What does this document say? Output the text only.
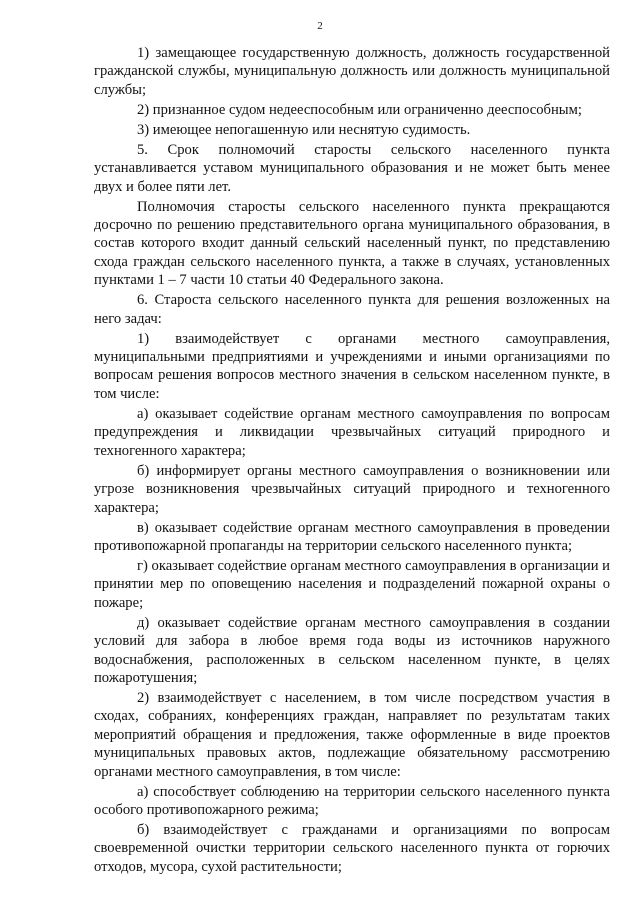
2

1) замещающее государственную должность, должность государственной гражданской службы, муниципальную должность или должность муниципальной службы;

2) признанное судом недееспособным или ограниченно дееспособным;

3) имеющее непогашенную или неснятую судимость.

5. Срок полномочий старосты сельского населенного пункта устанавливается уставом муниципального образования и не может быть менее двух и более пяти лет.

Полномочия старосты сельского населенного пункта прекращаются досрочно по решению представительного органа муниципального образования, в состав которого входит данный сельский населенный пункт, по представлению схода граждан сельского населенного пункта, а также в случаях, установленных пунктами 1 – 7 части 10 статьи 40 Федерального закона.

6. Староста сельского населенного пункта для решения возложенных на него задач:

1) взаимодействует с органами местного самоуправления, муниципальными предприятиями и учреждениями и иными организациями по вопросам решения вопросов местного значения в сельском населенном пункте, в том числе:

а) оказывает содействие органам местного самоуправления по вопросам предупреждения и ликвидации чрезвычайных ситуаций природного и техногенного характера;

б) информирует органы местного самоуправления о возникновении или угрозе возникновения чрезвычайных ситуаций природного и техногенного характера;

в) оказывает содействие органам местного самоуправления в проведении противопожарной пропаганды на территории сельского населенного пункта;

г) оказывает содействие органам местного самоуправления в организации и принятии мер по оповещению населения и подразделений пожарной охраны о пожаре;

д) оказывает содействие органам местного самоуправления в создании условий для забора в любое время года воды из источников наружного водоснабжения, расположенных в сельском населенном пункте, в целях пожаротушения;

2) взаимодействует с населением, в том числе посредством участия в сходах, собраниях, конференциях граждан, направляет по результатам таких мероприятий обращения и предложения, также оформленные в виде проектов муниципальных правовых актов, подлежащие обязательному рассмотрению органами местного самоуправления, в том числе:

а) способствует соблюдению на территории сельского населенного пункта особого противопожарного режима;

б) взаимодействует с гражданами и организациями по вопросам своевременной очистки территории сельского населенного пункта от горючих отходов, мусора, сухой растительности;
